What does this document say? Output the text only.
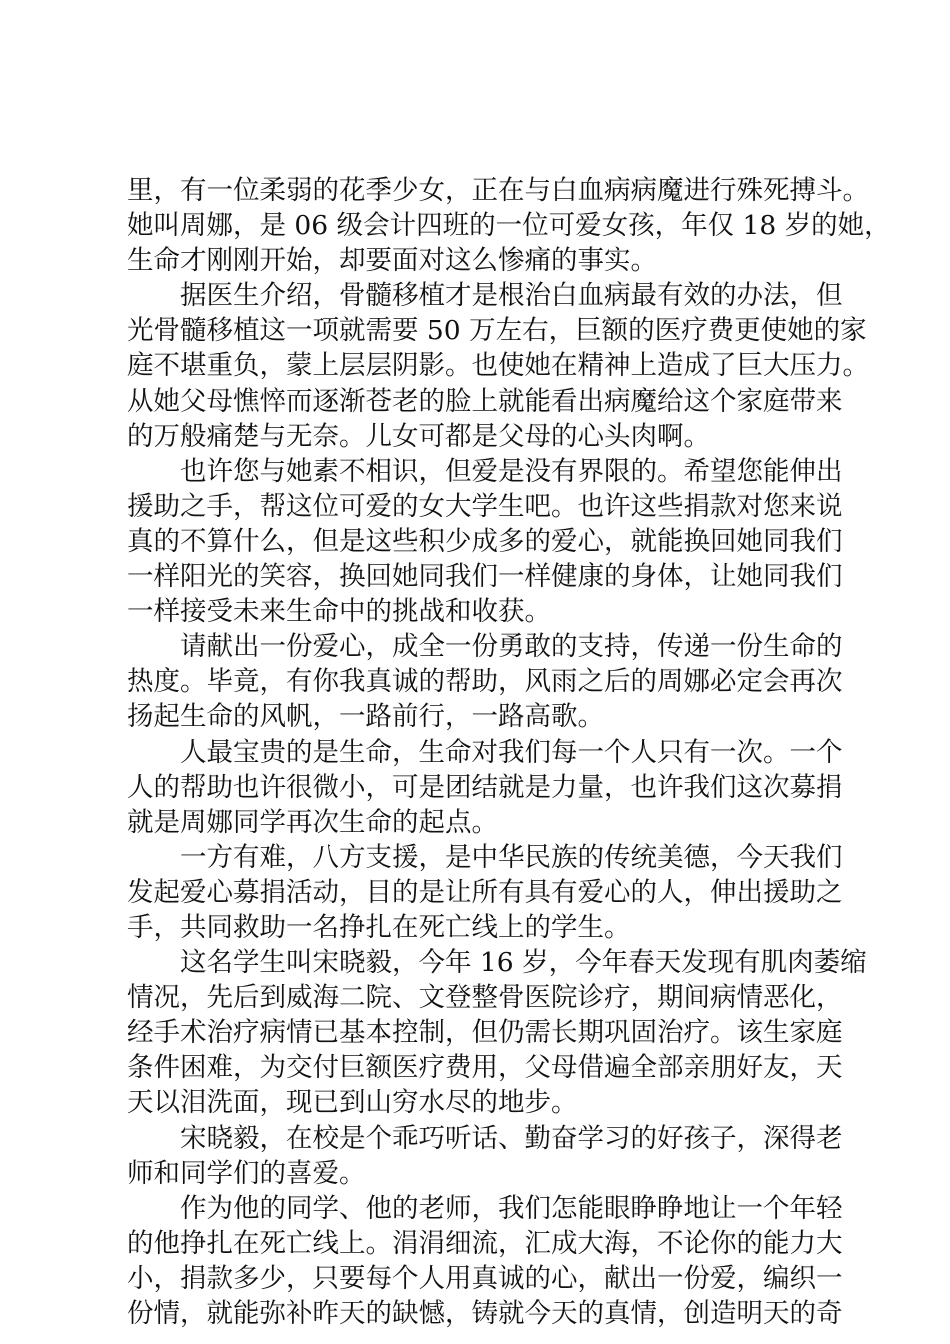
里，有一位柔弱的花季少女，正在与白血病病魔进行殊死搏斗。
她叫周娜，是 06 级会计四班的一位可爱女孩，年仅 18 岁的她，
生命才刚刚开始，却要面对这么惨痛的事实。
据医生介绍，骨髓移植才是根治白血病最有效的办法，但
光骨髓移植这一项就需要 50 万左右，巨额的医疗费更使她的家
庭不堪重负，蒙上层层阴影。也使她在精神上造成了巨大压力。
从她父母憔悴而逐渐苍老的脸上就能看出病魔给这个家庭带来
的万般痛楚与无奈。儿女可都是父母的心头肉啊。
也许您与她素不相识，但爱是没有界限的。希望您能伸出
援助之手，帮这位可爱的女大学生吧。也许这些捐款对您来说
真的不算什么，但是这些积少成多的爱心，就能换回她同我们
一样阳光的笑容，换回她同我们一样健康的身体，让她同我们
一样接受未来生命中的挑战和收获。
请献出一份爱心，成全一份勇敢的支持，传递一份生命的
热度。毕竟，有你我真诚的帮助，风雨之后的周娜必定会再次
扬起生命的风帆，一路前行，一路高歌。
人最宝贵的是生命，生命对我们每一个人只有一次。一个
人的帮助也许很微小，可是团结就是力量，也许我们这次募捐
就是周娜同学再次生命的起点。
一方有难，八方支援，是中华民族的传统美德，今天我们
发起爱心募捐活动，目的是让所有具有爱心的人，伸出援助之
手，共同救助一名挣扎在死亡线上的学生。
这名学生叫宋晓毅，今年 16 岁，今年春天发现有肌肉萎缩
情况，先后到威海二院、文登整骨医院诊疗，期间病情恶化，
经手术治疗病情已基本控制，但仍需长期巩固治疗。该生家庭
条件困难，为交付巨额医疗费用，父母借遍全部亲朋好友，天
天以泪洗面，现已到山穷水尽的地步。
宋晓毅，在校是个乖巧听话、勤奋学习的好孩子，深得老
师和同学们的喜爱。
作为他的同学、他的老师，我们怎能眼睁睁地让一个年轻
的他挣扎在死亡线上。涓涓细流，汇成大海，不论你的能力大
小，捐款多少，只要每个人用真诚的心，献出一份爱，编织一
份情，就能弥补昨天的缺憾，铸就今天的真情，创造明天的奇
